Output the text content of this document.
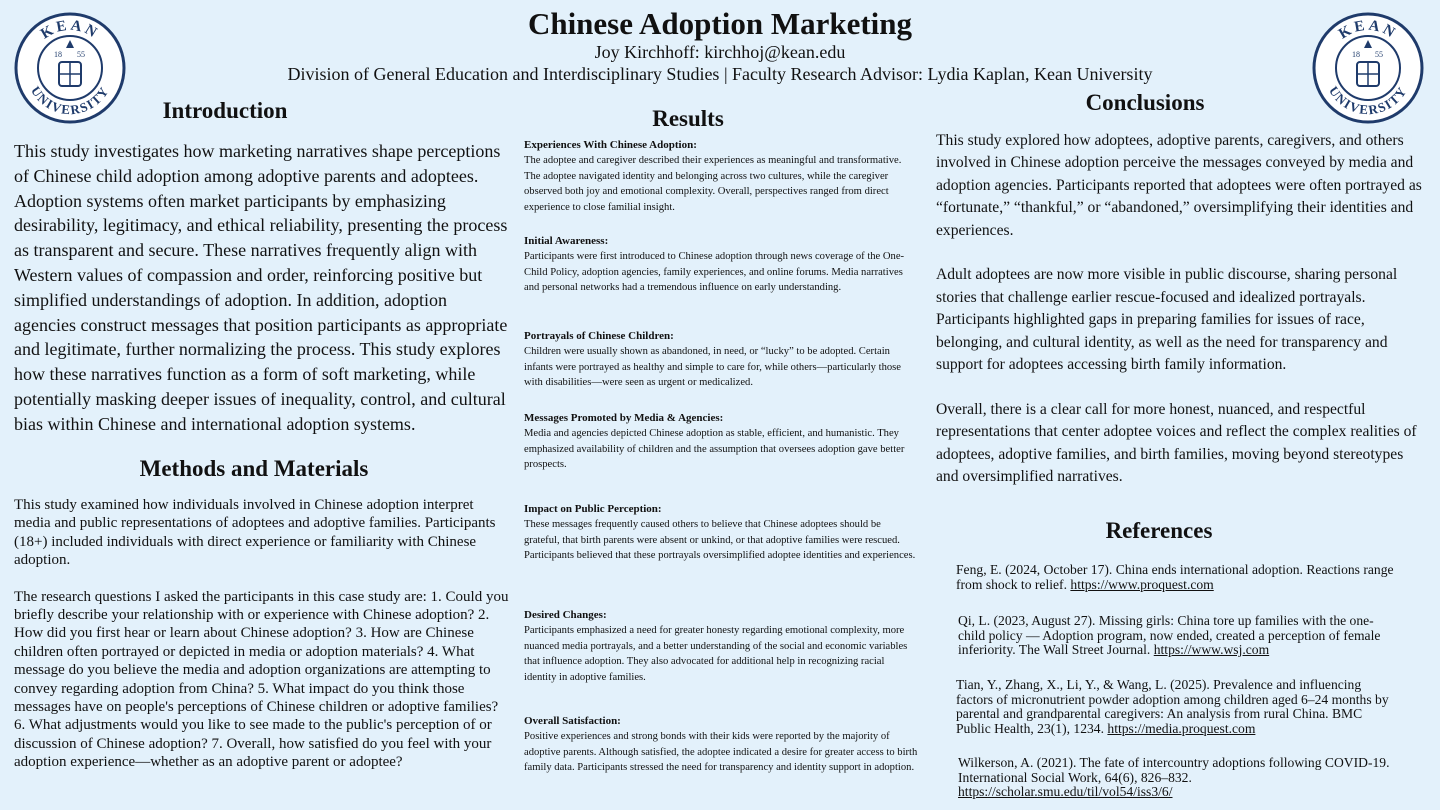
Chinese Adoption Marketing
Joy Kirchhoff: kirchhoj@kean.edu
Division of General Education and Interdisciplinary Studies | Faculty Research Advisor: Lydia Kaplan, Kean University
KEAN
UNIVERSITY
18 55
KEAN
UNIVERSITY
18 55
Introduction
This study investigates how marketing narratives shape perceptions of Chinese child adoption among adoptive parents and adoptees. Adoption systems often market participants by emphasizing desirability, legitimacy, and ethical reliability, presenting the process as transparent and secure. These narratives frequently align with Western values of compassion and order, reinforcing positive but simplified understandings of adoption. In addition, adoption agencies construct messages that position participants as appropriate and legitimate, further normalizing the process. This study explores how these narratives function as a form of soft marketing, while potentially masking deeper issues of inequality, control, and cultural bias within Chinese and international adoption systems.
Methods and Materials

This study examined how individuals involved in Chinese adoption interpret media and public representations of adoptees and adoptive families. Participants (18+) included individuals with direct experience or familiarity with Chinese adoption.

The research questions I asked the participants in this case study are: 1. Could you briefly describe your relationship with or experience with Chinese adoption? 2. How did you first hear or learn about Chinese adoption? 3. How are Chinese children often portrayed or depicted in media or adoption materials? 4. What message do you believe the media and adoption organizations are attempting to convey regarding adoption from China? 5. What impact do you think those messages have on people's perceptions of Chinese children or adoptive families? 6. What adjustments would you like to see made to the public's perception of or discussion of Chinese adoption? 7. Overall, how satisfied do you feel with your adoption experience—whether as an adoptive parent or adoptee?

Results
Experiences With Chinese Adoption:
The adoptee and caregiver described their experiences as meaningful and transformative. The adoptee navigated identity and belonging across two cultures, while the caregiver observed both joy and emotional complexity. Overall, perspectives ranged from direct experience to close familial insight.
Initial Awareness:
Participants were first introduced to Chinese adoption through news coverage of the One-Child Policy, adoption agencies, family experiences, and online forums. Media narratives and personal networks had a tremendous influence on early understanding.
Portrayals of Chinese Children:
Children were usually shown as abandoned, in need, or “lucky” to be adopted. Certain infants were portrayed as healthy and simple to care for, while others—particularly those with disabilities—were seen as urgent or medicalized.
Messages Promoted by Media & Agencies:
Media and agencies depicted Chinese adoption as stable, efficient, and humanistic. They emphasized availability of children and the assumption that oversees adoption gave better prospects.
Impact on Public Perception:
These messages frequently caused others to believe that Chinese adoptees should be grateful, that birth parents were absent or unkind, or that adoptive families were rescued. Participants believed that these portrayals oversimplified adoptee identities and experiences.
Desired Changes:
Participants emphasized a need for greater honesty regarding emotional complexity, more nuanced media portrayals, and a better understanding of the social and economic variables that influence adoption. They also advocated for additional help in recognizing racial identity in adoptive families.
Overall Satisfaction:
Positive experiences and strong bonds with their kids were reported by the majority of adoptive parents. Although satisfied, the adoptee indicated a desire for greater access to birth family data. Participants stressed the need for transparency and identity support in adoption.
Conclusions

This study explored how adoptees, adoptive parents, caregivers, and others involved in Chinese adoption perceive the messages conveyed by media and adoption agencies. Participants reported that adoptees were often portrayed as “fortunate,” “thankful,” or “abandoned,” oversimplifying their identities and experiences.

Adult adoptees are now more visible in public discourse, sharing personal stories that challenge earlier rescue-focused and idealized portrayals. Participants highlighted gaps in preparing families for issues of race, belonging, and cultural identity, as well as the need for transparency and support for adoptees accessing birth family information.

Overall, there is a clear call for more honest, nuanced, and respectful representations that center adoptee voices and reflect the complex realities of adoptees, adoptive families, and birth families, moving beyond stereotypes and oversimplified narratives.

References
Feng, E. (2024, October 17). China ends international adoption. Reactions range from shock to relief. https://www.proquest.com
Qi, L. (2023, August 27). Missing girls: China tore up families with the one-child policy — Adoption program, now ended, created a perception of female inferiority. The Wall Street Journal. https://www.wsj.com
Tian, Y., Zhang, X., Li, Y., & Wang, L. (2025). Prevalence and influencing factors of micronutrient powder adoption among children aged 6–24 months by parental and grandparental caregivers: An analysis from rural China. BMC Public Health, 23(1), 1234. https://media.proquest.com
Wilkerson, A. (2021). The fate of intercountry adoptions following COVID-19. International Social Work, 64(6), 826–832. https://scholar.smu.edu/til/vol54/iss3/6/
